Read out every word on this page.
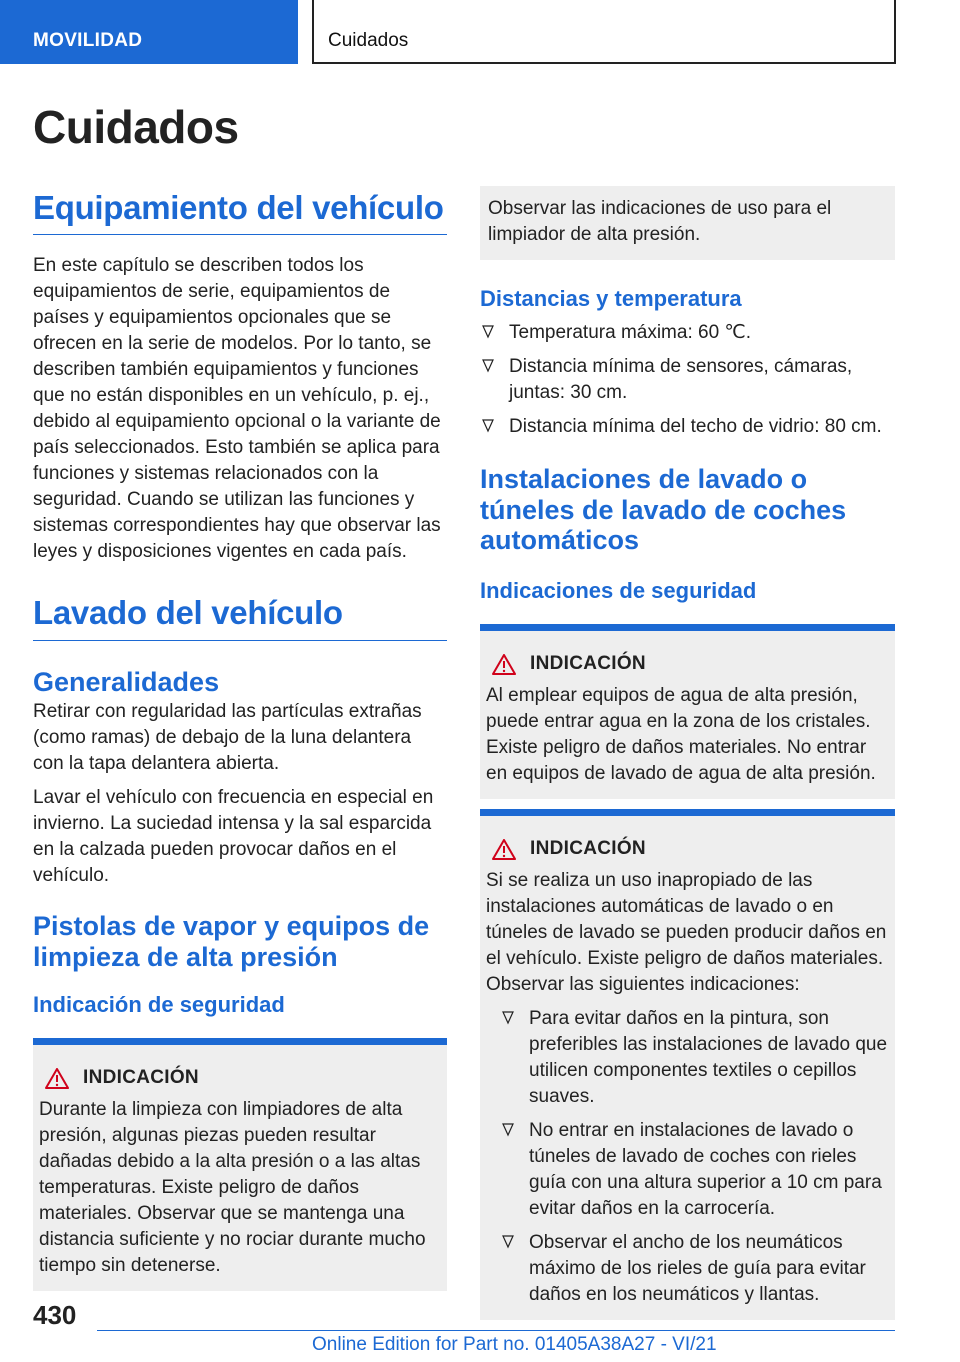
MOVILIDAD	Cuidados
Cuidados
Equipamiento del vehículo

En este capítulo se describen todos los equipamientos de serie, equipamientos de países y equipamientos opcionales que se ofrecen en la serie de modelos. Por lo tanto, se describen también equipamientos y funciones que no están disponibles en un vehículo, p. ej., debido al equipamiento opcional o la variante de país seleccionados. Esto también se aplica para funciones y sistemas relacionados con la seguridad. Cuando se utilizan las funciones y sistemas correspondientes hay que observar las leyes y disposiciones vigentes en cada país.

Lavado del vehículo
Generalidades

Retirar con regularidad las partículas extrañas (como ramas) de debajo de la luna delantera con la tapa delantera abierta.

Lavar el vehículo con frecuencia en especial en invierno. La suciedad intensa y la sal esparcida en la calzada pueden provocar daños en el vehículo.

Pistolas de vapor y equipos de limpieza de alta presión
Indicación de seguridad
INDICACIÓN

Durante la limpieza con limpiadores de alta presión, algunas piezas pueden resultar dañadas debido a la alta presión o a las altas temperaturas. Existe peligro de daños materiales. Observar que se mantenga una distancia suficiente y no rociar durante mucho tiempo sin detenerse.

Observar las indicaciones de uso para el limpiador de alta presión.

Distancias y temperatura
Temperatura máxima: 60 ℃.
Distancia mínima de sensores, cámaras, juntas: 30 cm.
Distancia mínima del techo de vidrio: 80 cm.
Instalaciones de lavado o túneles de lavado de coches automáticos
Indicaciones de seguridad
INDICACIÓN

Al emplear equipos de agua de alta presión, puede entrar agua en la zona de los cristales. Existe peligro de daños materiales. No entrar en equipos de lavado de agua de alta presión.

INDICACIÓN

Si se realiza un uso inapropiado de las instalaciones automáticas de lavado o en túneles de lavado se pueden producir daños en el vehículo. Existe peligro de daños materiales. Observar las siguientes indicaciones:

Para evitar daños en la pintura, son preferibles las instalaciones de lavado que utilicen componentes textiles o cepillos suaves.
No entrar en instalaciones de lavado o túneles de lavado de coches con rieles guía con una altura superior a 10 cm para evitar daños en la carrocería.
Observar el ancho de los neumáticos máximo de los rieles de guía para evitar daños en los neumáticos y llantas.
430
Online Edition for Part no. 01405A38A27 - VI/21
